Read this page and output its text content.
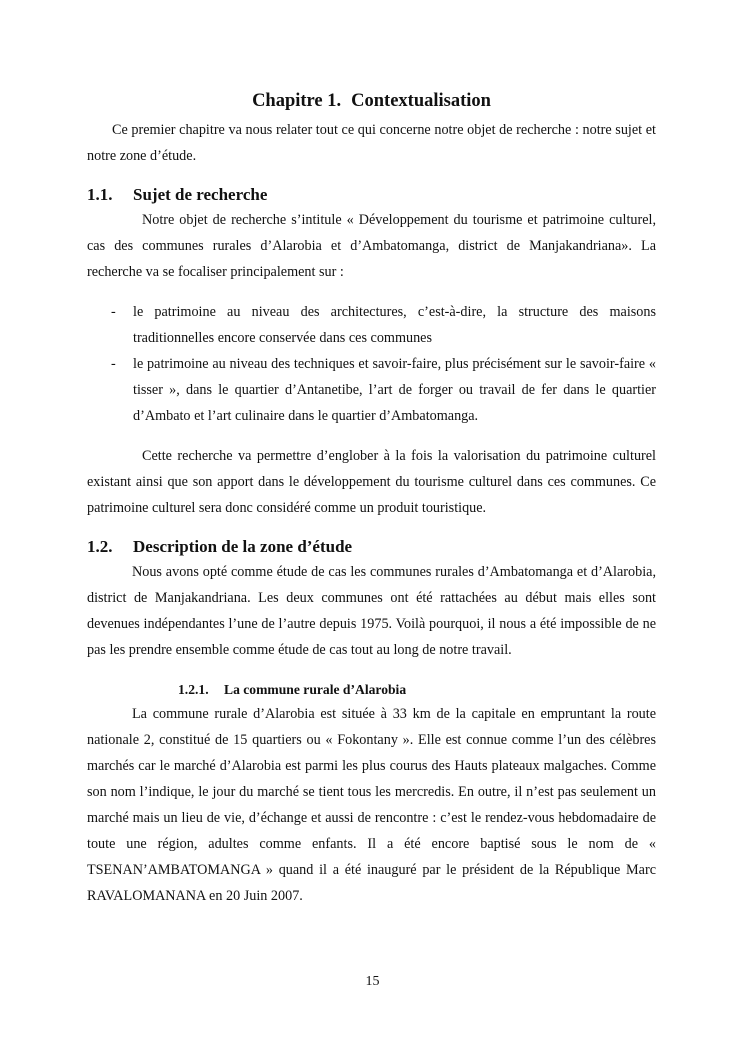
Chapitre 1. Contextualisation

Ce premier chapitre va nous relater tout ce qui concerne notre objet de recherche : notre sujet et notre zone d’étude.

1.1. Sujet de recherche

Notre objet de recherche s’intitule « Développement du tourisme et patrimoine culturel, cas des communes rurales d’Alarobia et d’Ambatomanga, district de Manjakandriana». La recherche va se focaliser principalement sur :

- le patrimoine au niveau des architectures, c’est-à-dire, la structure des maisons traditionnelles encore conservée dans ces communes
- le patrimoine au niveau des techniques et savoir-faire, plus précisément sur le savoir-faire « tisser », dans le quartier d’Antanetibe, l’art de forger ou travail de fer dans le quartier d’Ambato et l’art culinaire dans le quartier d’Ambatomanga.

Cette recherche va permettre d’englober à la fois la valorisation du patrimoine culturel existant ainsi que son apport dans le développement du tourisme culturel dans ces communes. Ce patrimoine culturel sera donc considéré comme un produit touristique.

1.2. Description de la zone d’étude

Nous avons opté comme étude de cas les communes rurales d’Ambatomanga et d’Alarobia, district de Manjakandriana. Les deux communes ont été rattachées au début mais elles sont devenues indépendantes l’une de l’autre depuis 1975. Voilà pourquoi, il nous a été impossible de ne pas les prendre ensemble comme étude de cas tout au long de notre travail.

1.2.1. La commune rurale d’Alarobia

La commune rurale d’Alarobia est située à 33 km de la capitale en empruntant la route nationale 2, constitué de 15 quartiers ou « Fokontany ». Elle est connue comme l’un des célèbres marchés car le marché d’Alarobia est parmi les plus courus des Hauts plateaux malgaches. Comme son nom l’indique, le jour du marché se tient tous les mercredis. En outre, il n’est pas seulement un marché mais un lieu de vie, d’échange et aussi de rencontre : c’est le rendez-vous hebdomadaire de toute une région, adultes comme enfants. Il a été encore baptisé sous le nom de « TSENAN’AMBATOMANGA » quand il a été inauguré par le président de la République Marc RAVALOMANANA en 20 Juin 2007.

15
